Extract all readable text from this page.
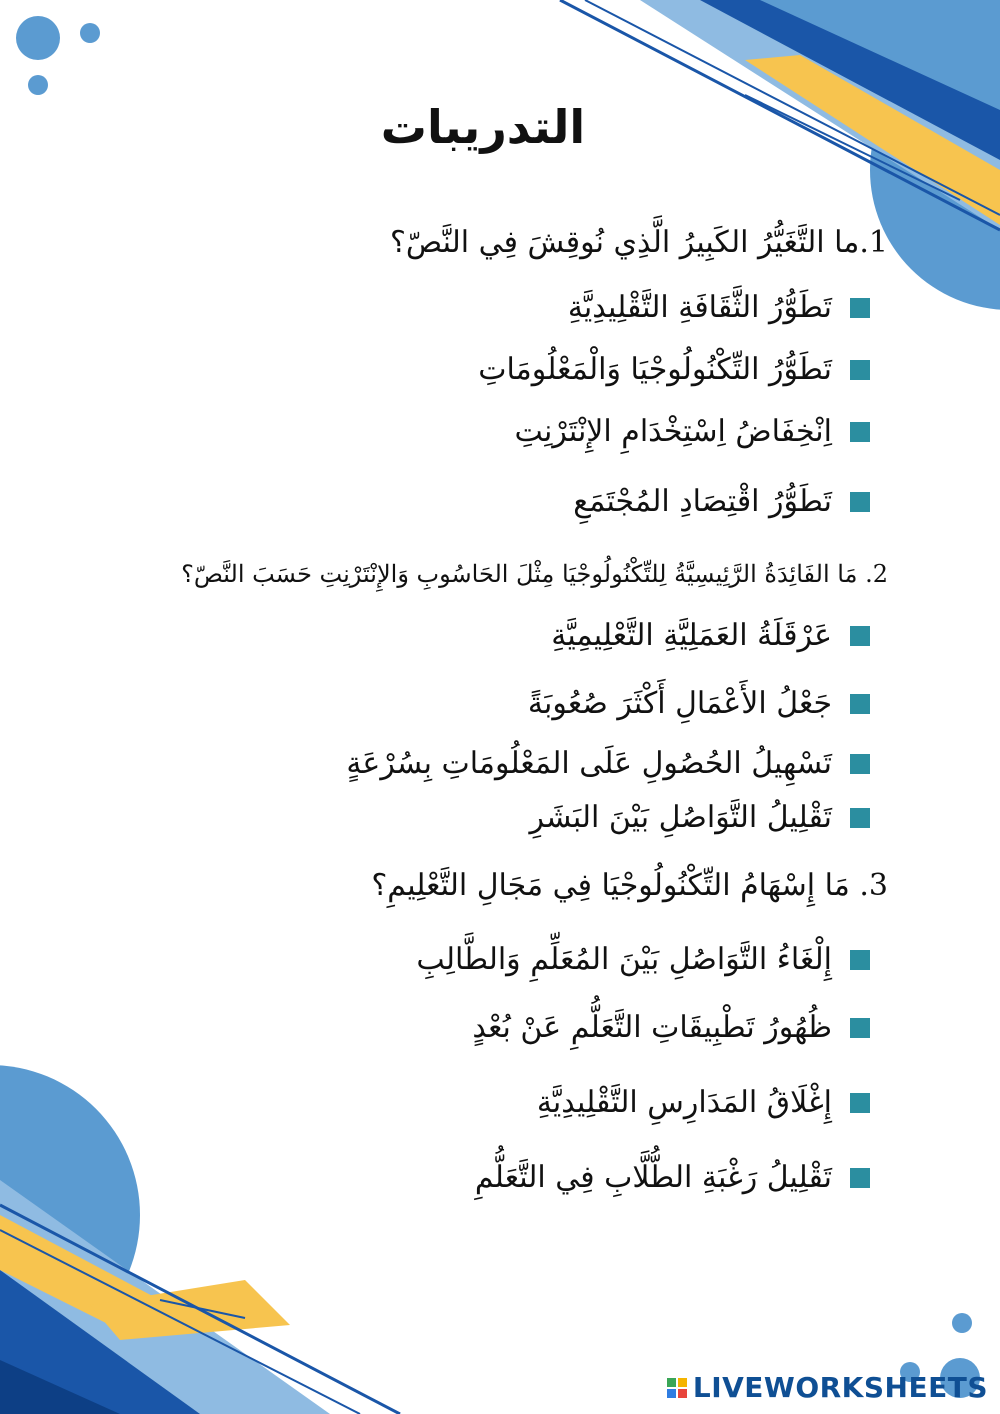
التدريبات
1.ما التَّغَيُّرُ الكَبِيرُ الَّذِي نُوقِشَ فِي النَّصّ؟
تَطَوُّرُ الثَّقَافَةِ التَّقْلِيدِيَّةِ
تَطَوُّرُ التِّكْنُولُوجْيَا وَالْمَعْلُومَاتِ
اِنْخِفَاضُ اِسْتِخْدَامِ الإِنْتَرْنِتِ
تَطَوُّرُ اقْتِصَادِ المُجْتَمَعِ
2. مَا الفَائِدَةُ الرَّئِيسِيَّةُ لِلتِّكْنُولُوجْيَا مِثْلَ الحَاسُوبِ وَالإِنْتَرْنِتِ حَسَبَ النَّصّ؟
عَرْقَلَةُ العَمَلِيَّةِ التَّعْلِيمِيَّةِ
جَعْلُ الأَعْمَالِ أَكْثَرَ صُعُوبَةً
تَسْهِيلُ الحُصُولِ عَلَى المَعْلُومَاتِ بِسُرْعَةٍ
تَقْلِيلُ التَّوَاصُلِ بَيْنَ البَشَرِ
3. مَا إِسْهَامُ التِّكْنُولُوجْيَا فِي مَجَالِ التَّعْلِيمِ؟
إِلْغَاءُ التَّوَاصُلِ بَيْنَ المُعَلِّمِ وَالطَّالِبِ
ظُهُورُ تَطْبِيقَاتِ التَّعَلُّمِ عَنْ بُعْدٍ
إِغْلَاقُ المَدَارِسِ التَّقْلِيدِيَّةِ
تَقْلِيلُ رَغْبَةِ الطُّلَّابِ فِي التَّعَلُّمِ
LIVEWORKSHEETS
